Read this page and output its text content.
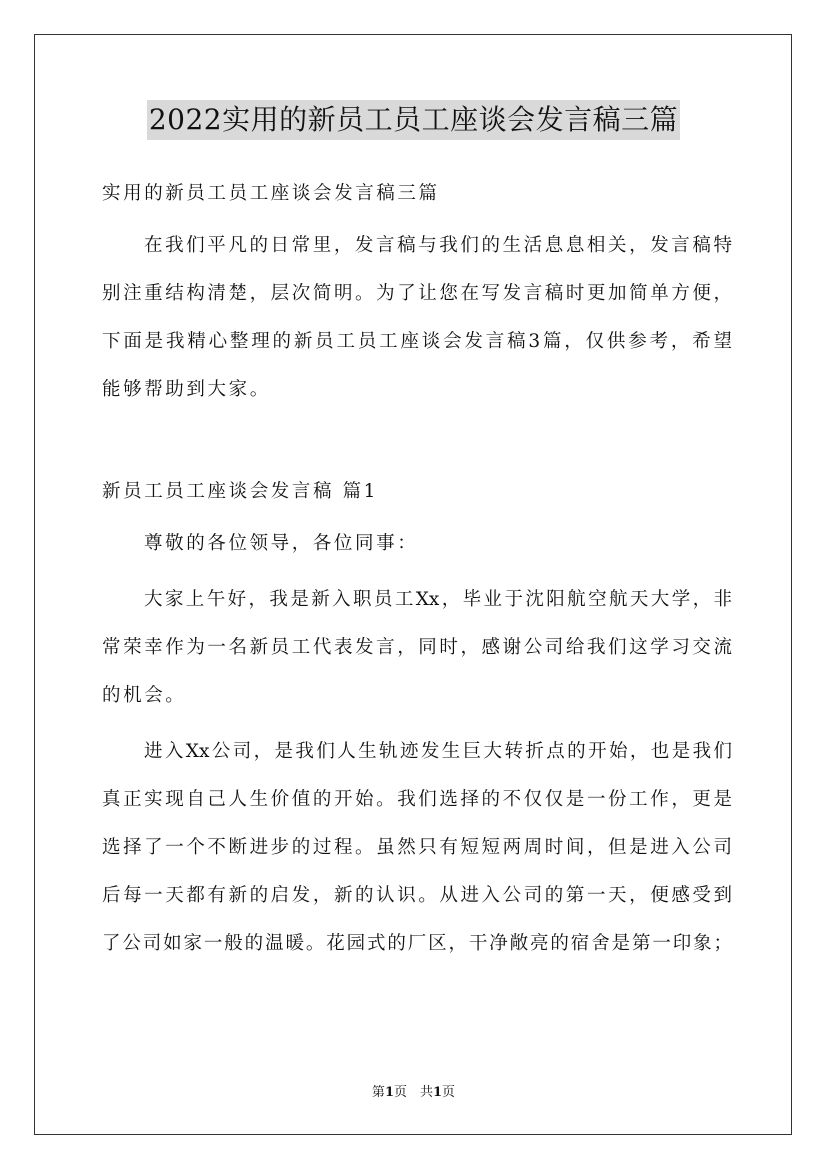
2022实用的新员工员工座谈会发言稿三篇
实用的新员工员工座谈会发言稿三篇
在我们平凡的日常里，发言稿与我们的生活息息相关，发言稿特
别注重结构清楚，层次简明。为了让您在写发言稿时更加简单方便，
下面是我精心整理的新员工员工座谈会发言稿3篇，仅供参考，希望
能够帮助到大家。
新员工员工座谈会发言稿 篇1
尊敬的各位领导，各位同事：
大家上午好，我是新入职员工Xx，毕业于沈阳航空航天大学，非
常荣幸作为一名新员工代表发言，同时，感谢公司给我们这学习交流
的机会。
进入Xx公司，是我们人生轨迹发生巨大转折点的开始，也是我们
真正实现自己人生价值的开始。我们选择的不仅仅是一份工作，更是
选择了一个不断进步的过程。虽然只有短短两周时间，但是进入公司
后每一天都有新的启发，新的认识。从进入公司的第一天，便感受到
了公司如家一般的温暖。花园式的厂区，干净敞亮的宿舍是第一印象；
第1页　共1页
